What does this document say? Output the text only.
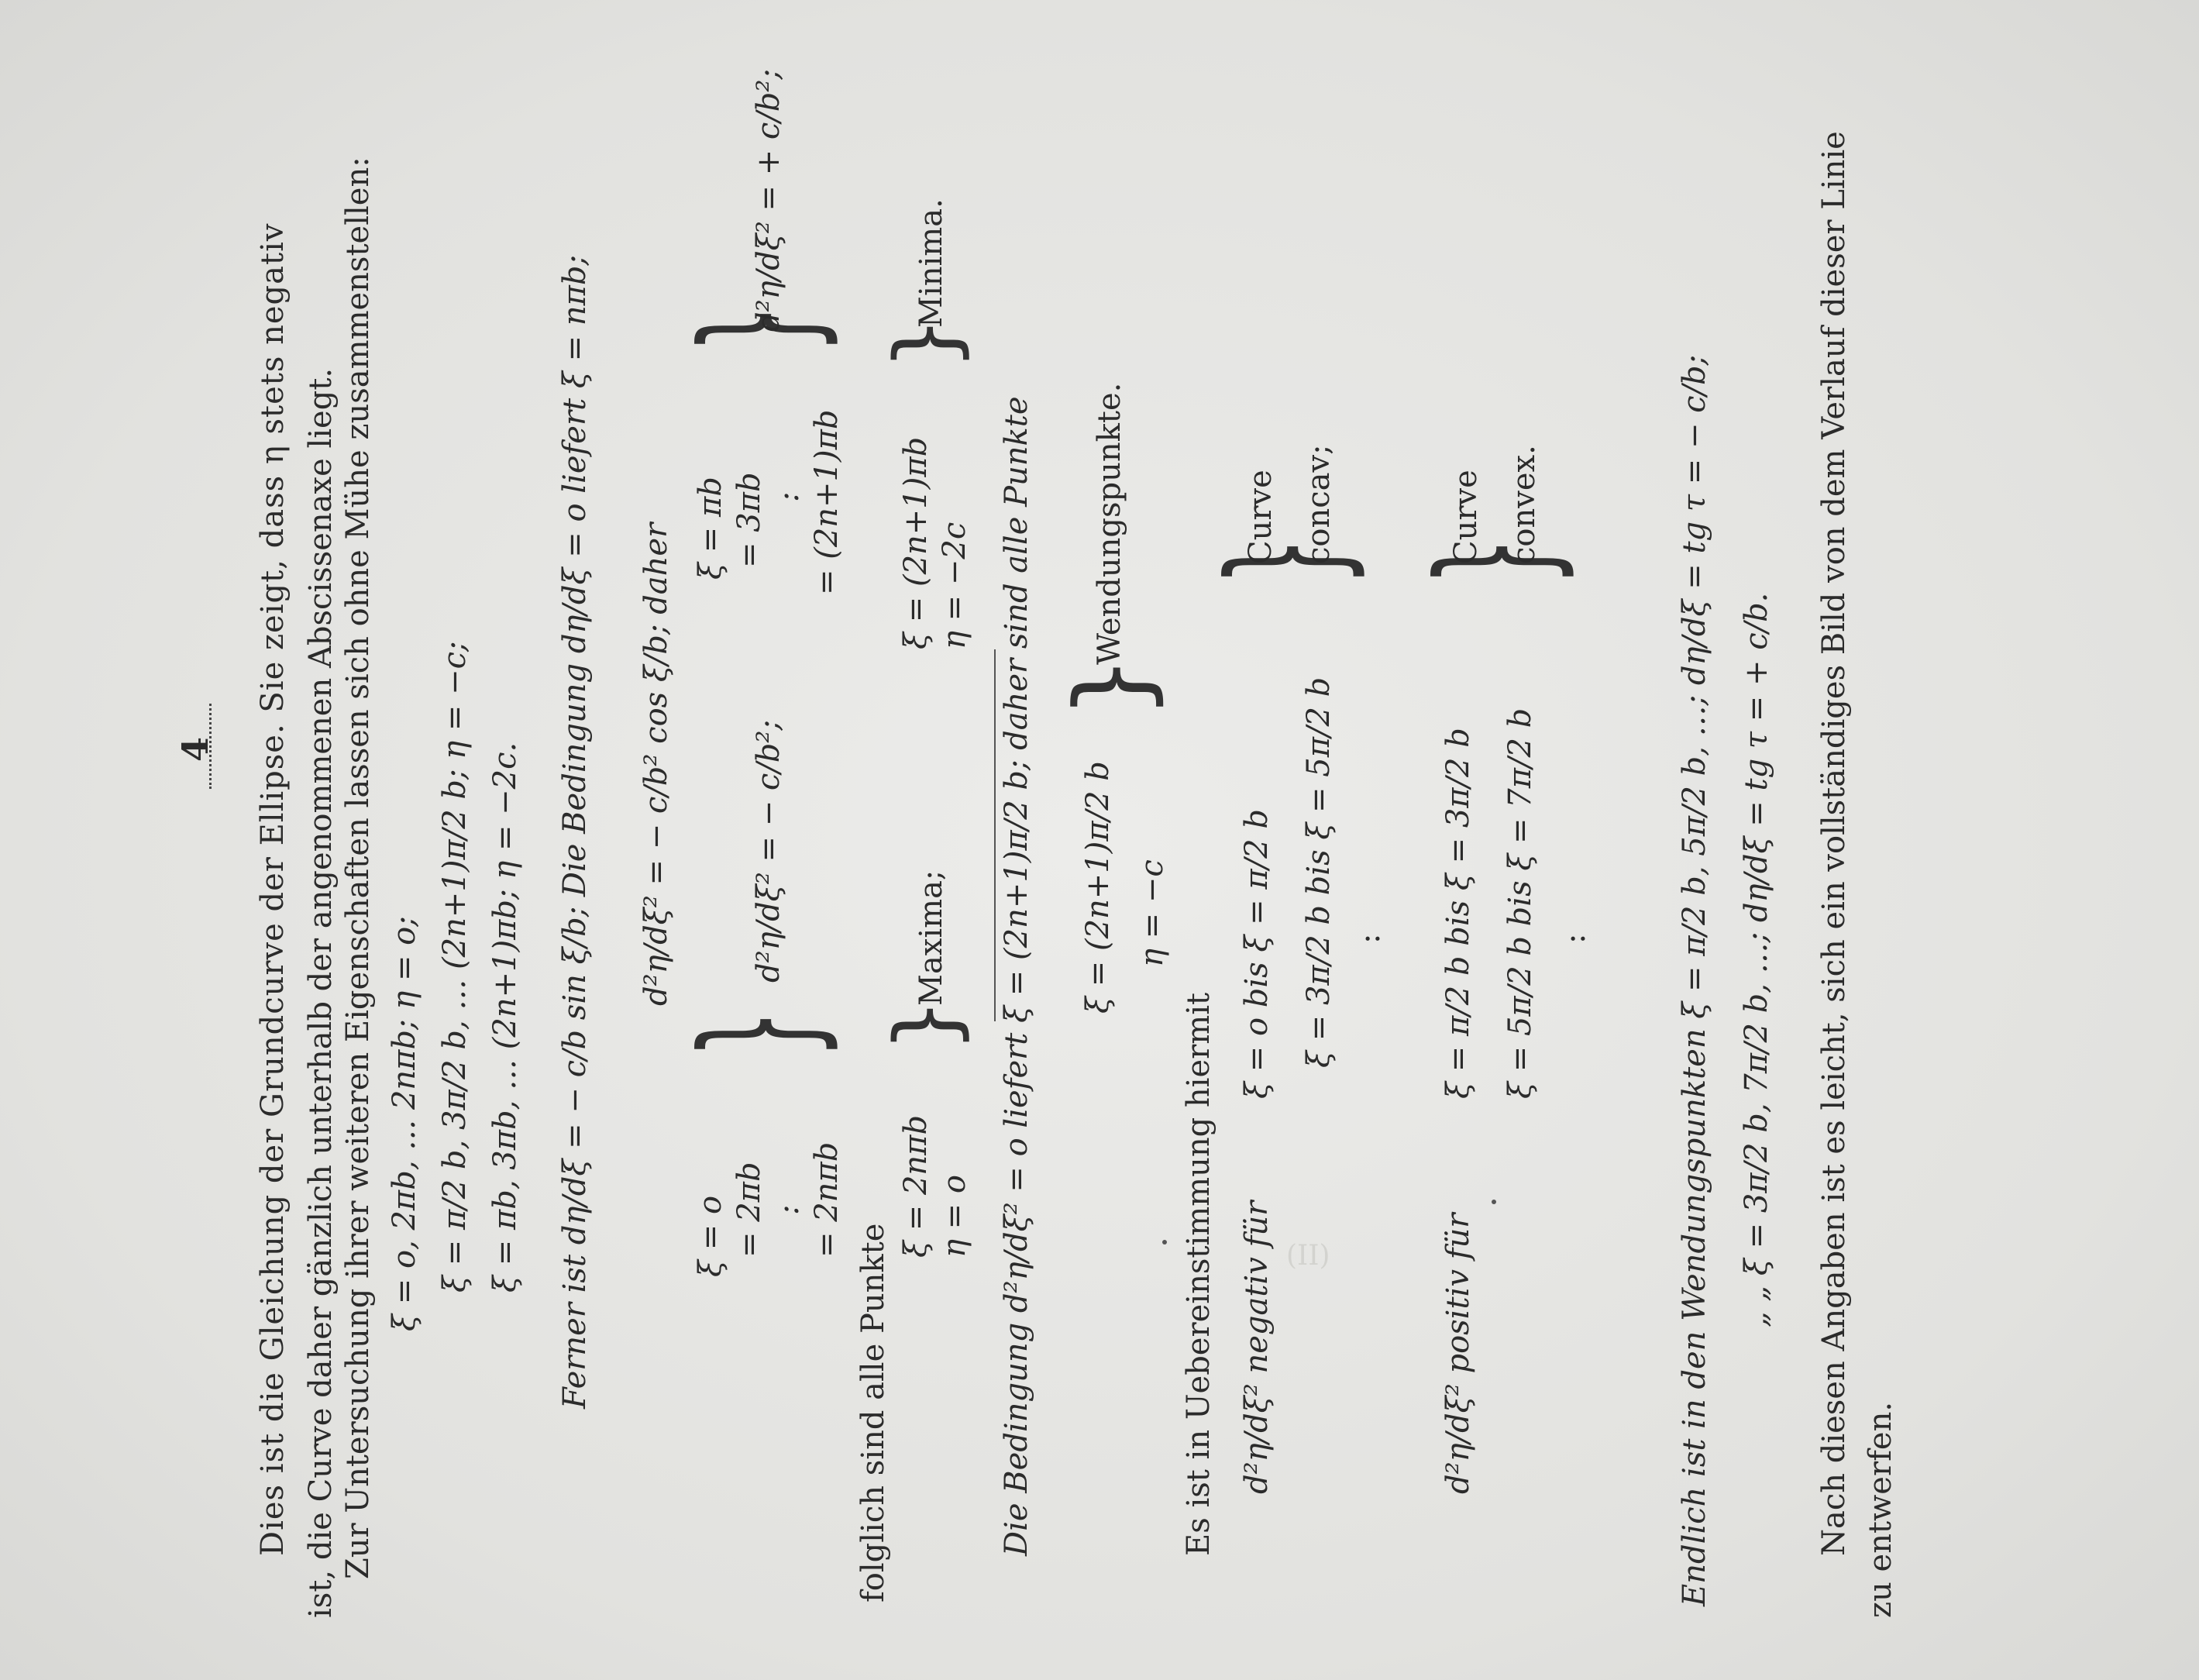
(II)
4 Dies ist die Gleichung der Grundcurve der Ellipse. Sie zeigt, dass η stets negativ ist, die Curve daher gänzlich unterhalb der angenommenen Abscissenaxe liegt. Zur Untersuchung ihrer weiteren Eigenschaften lassen sich ohne Mühe zusammenstellen: ξ = o, 2πb, … 2nπb; η = o; ξ = π/2 b, 3π/2 b, … (2n+1)π/2 b; η = −c; ξ = πb, 3πb, … (2n+1)πb; η = −2c. Ferner ist dη/dξ = − c/b sin ξ/b; Die Bedingung dη/dξ = o liefert ξ = nπb; d²η/dξ² = − c/b² cos ξ/b; daher
ξ = o = 2πb : = 2nπb
}
d²η/dξ² = − c/b²;
ξ = πb = 3πb : = (2n+1)πb
}
d²η/dξ² = + c/b²;
folglich sind alle Punkte
ξ = 2nπb η = o
}
Maxima;
ξ = (2n+1)πb η = −2c
}
Minima.
Die Bedingung d²η/dξ² = o liefert ξ = (2n+1)π/2 b; daher sind alle Punkte ξ = (2n+1)π/2 b η = −c
}
Wendungspunkte.
Es ist in Uebereinstimmung hiermit d²η/dξ² negativ für
ξ = o bis ξ = π/2 b ξ = 3π/2 b bis ξ = 5π/2 b :
}
Curve concav;
d²η/dξ² positiv für
ξ = π/2 b bis ξ = 3π/2 b ξ = 5π/2 b bis ξ = 7π/2 b :
}
Curve convex.	Endlich ist in den Wendungspunkten ξ = π/2 b, 5π/2 b, …; dη/dξ = tg τ = − c/b; „ „ ξ = 3π/2 b, 7π/2 b, …; dη/dξ = tg τ = + c/b. Nach diesen Angaben ist es leicht, sich ein vollständiges Bild von dem Verlauf dieser Linie zu entwerfen.
